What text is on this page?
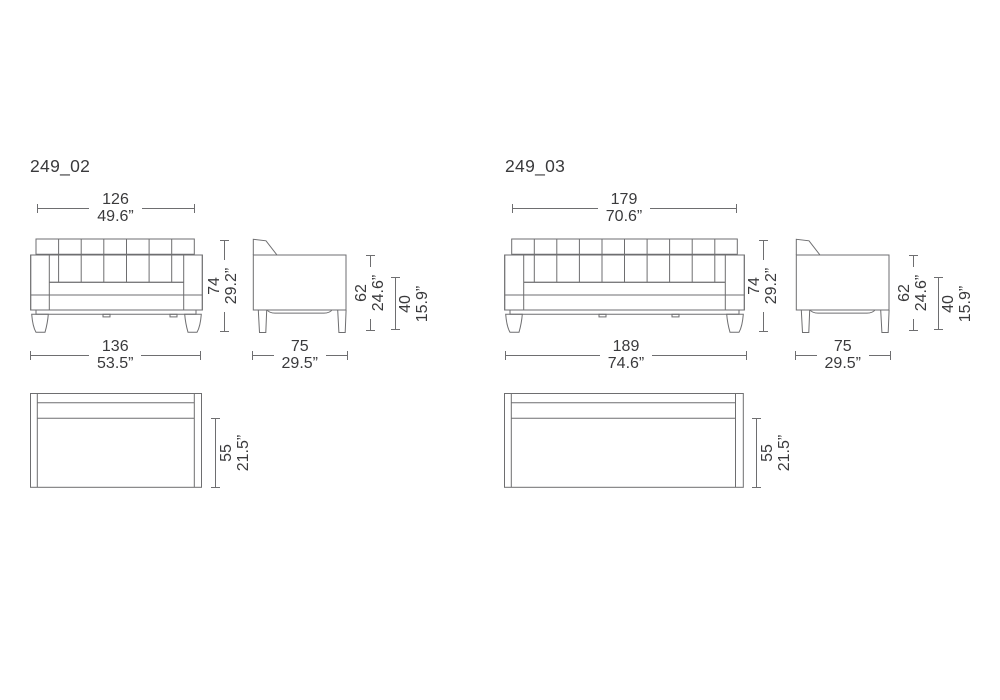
249_02
126
49.6”
74 29.2”
136
53.5”
62 24.6” 40 15.9”
75
29.5”
55 21.5”
249_03
179
70.6”
74 29.2”
189
74.6”
62 24.6” 40 15.9”
75
29.5”
55 21.5”
